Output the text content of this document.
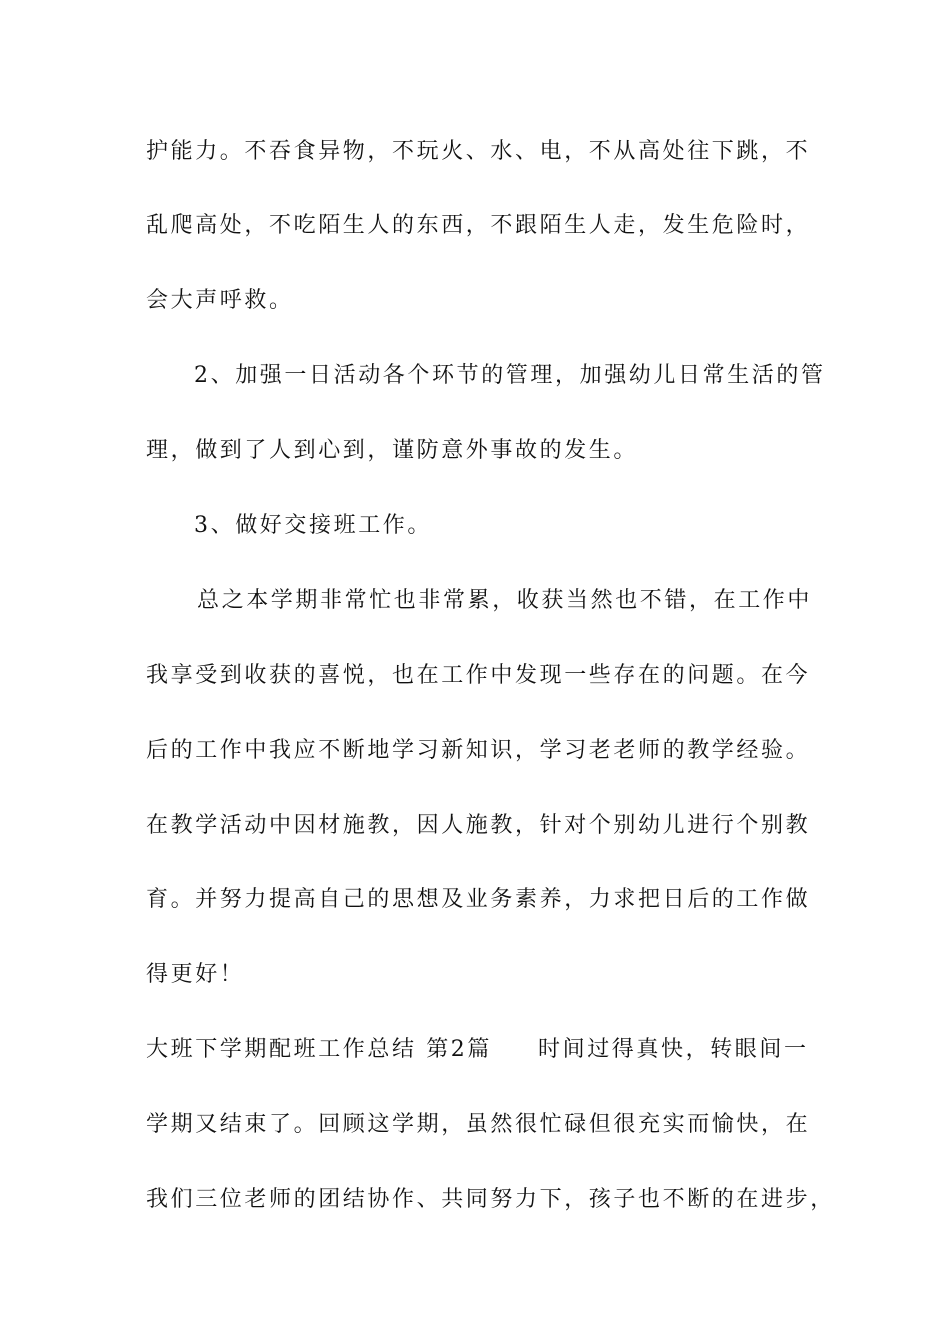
护能力。不吞食异物，不玩火、水、电，不从高处往下跳，不
乱爬高处，不吃陌生人的东西，不跟陌生人走，发生危险时，
会大声呼救。
2、加强一日活动各个环节的管理，加强幼儿日常生活的管
理，做到了人到心到，谨防意外事故的发生。
3、做好交接班工作。
总之本学期非常忙也非常累，收获当然也不错，在工作中
我享受到收获的喜悦，也在工作中发现一些存在的问题。在今
后的工作中我应不断地学习新知识，学习老老师的教学经验。
在教学活动中因材施教，因人施教，针对个别幼儿进行个别教
育。并努力提高自己的思想及业务素养，力求把日后的工作做
得更好！
大班下学期配班工作总结 第2篇 时间过得真快，转眼间一
学期又结束了。回顾这学期，虽然很忙碌但很充实而愉快，在
我们三位老师的团结协作、共同努力下，孩子也不断的在进步，
